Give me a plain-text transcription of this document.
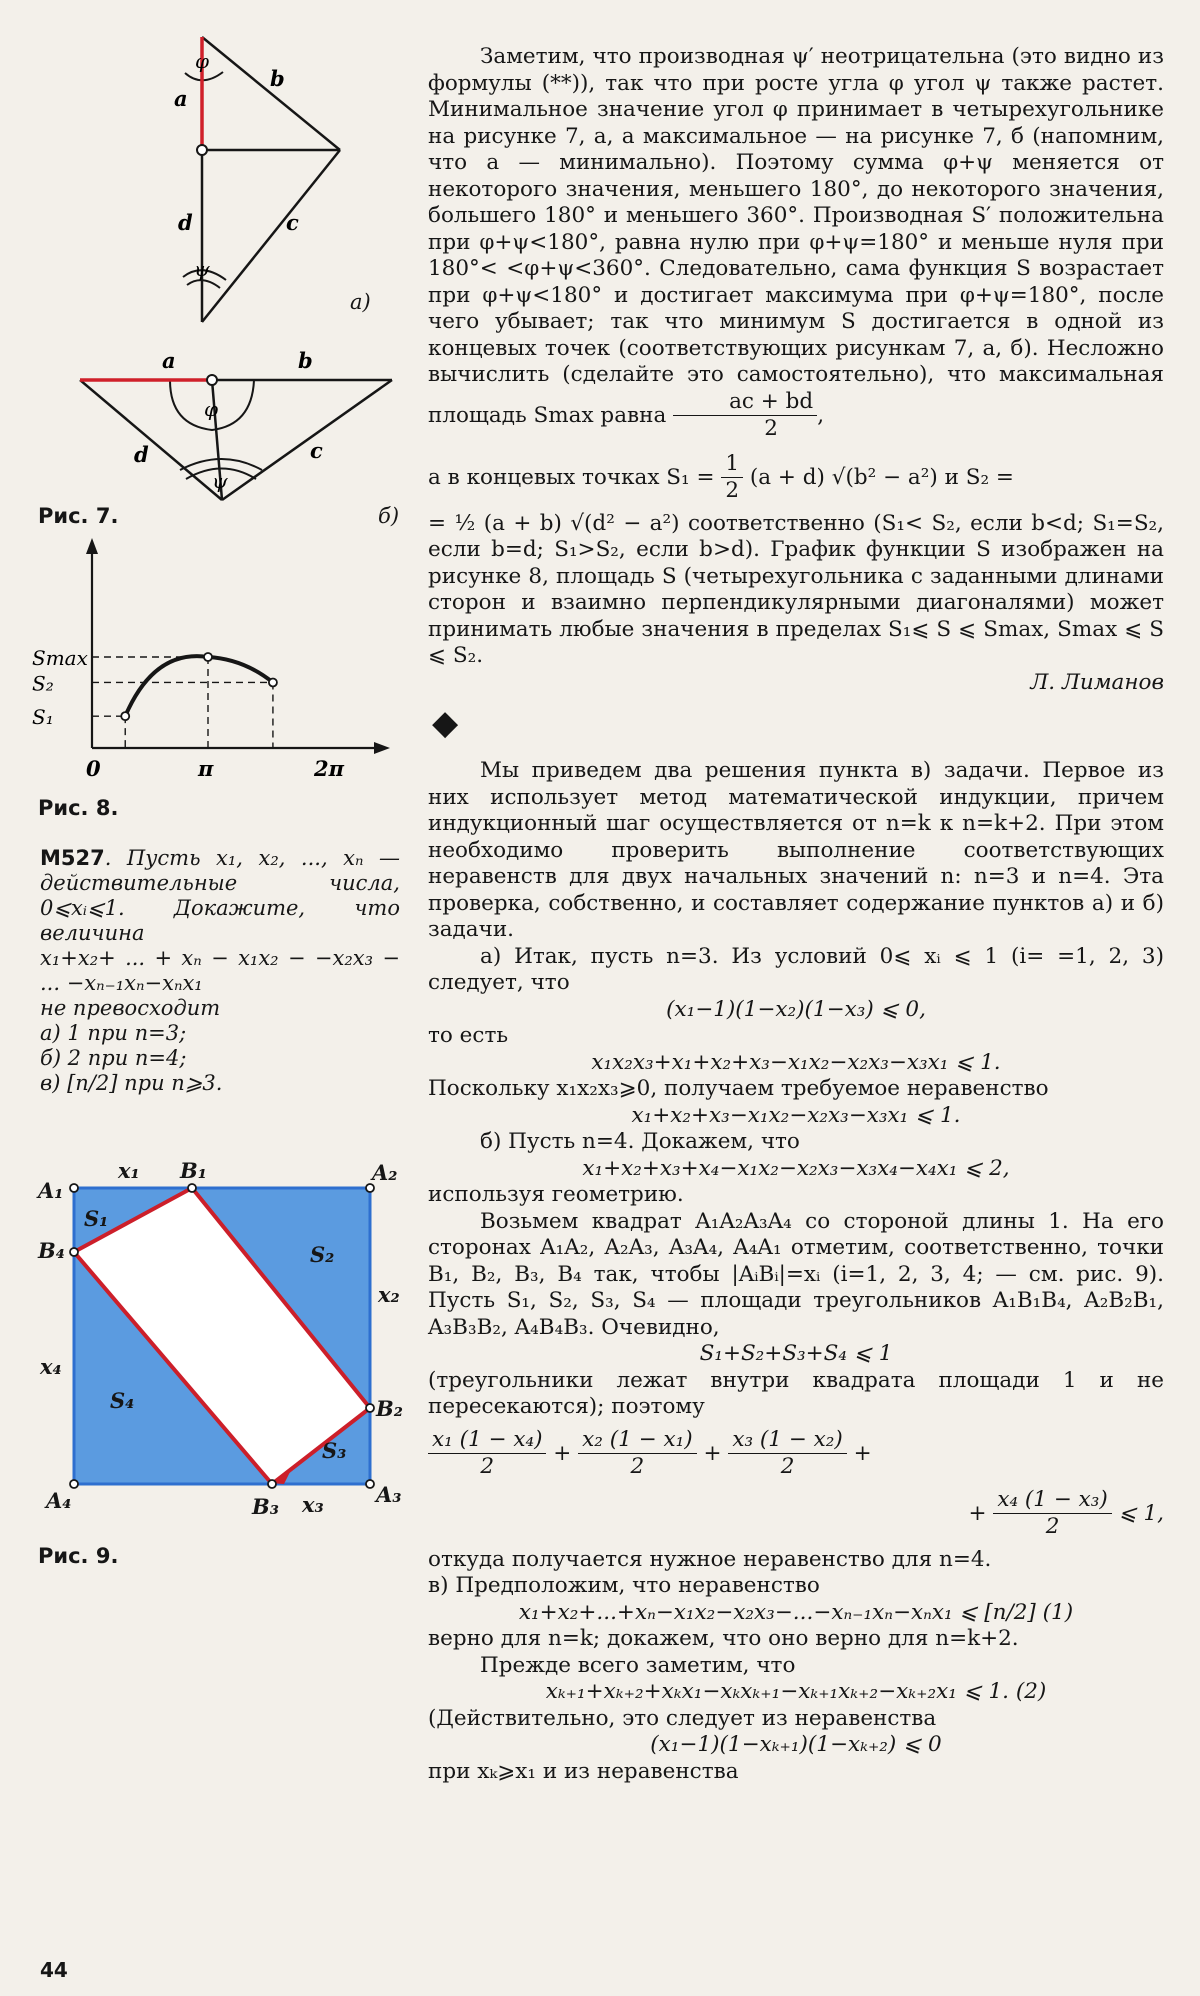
φ
a
b
d	c
ψ
a	b
φ
d	c
ψ
а)
Рис. 7.	б)
0	π	2π
S₁
S₂
Smax
Рис. 8.
М527. Пусть x₁, x₂, ..., xₙ — действительные числа, 0⩽xᵢ⩽1. Докажите, что величина
x₁+x₂+ ... + xₙ − x₁x₂ − −x₂x₃ − ... −xₙ₋₁xₙ−xₙx₁
не превосходит
а) 1 при n=3;
б) 2 при n=4;
в) [n/2] при n⩾3.
A₁
A₂
A₃
A₄
B₁
B₂
B₃
B₄
x₁
x₂
x₃
x₄
S₁
S₂
S₃
S₄
Рис. 9.

Заметим, что производная ψ′ неотрицательна (это видно из формулы (**)), так что при росте угла φ угол ψ также растет. Минимальное значение угол φ принимает в четырехугольнике на рисунке 7, а, а максимальное — на рисунке 7, б (напомним, что a — минимально). Поэтому сумма φ+ψ меняется от некоторого значения, меньшего 180°, до некоторого значения, большего 180° и меньшего 360°. Производная S′ положительна при φ+ψ<180°, равна нулю при φ+ψ=180° и меньше нуля при 180°< <φ+ψ<360°. Следовательно, сама функция S возрастает при φ+ψ<180° и достигает максимума при φ+ψ=180°, после чего убывает; так что минимум S достигается в одной из концевых точек (соответствующих рисункам 7, а, б). Несложно вычислить (сделайте это самостоятельно), что максимальная площадь Smax равна $\frac{ac + bd}{2}$ ,

а в концевых точках $S_1 = \frac{1}{2} (a + d) √(b^2 - a^2)$ и S₂ =

= ½ (a + b) √(d² − a²) соответственно (S₁< S₂, если b<d; S₁=S₂, если b=d; S₁>S₂, если b>d). График функции S изображен на рисунке 8, площадь S (четырехугольника с заданными длинами сторон и взаимно перпендикулярными диагоналями) может принимать любые значения в пределах S₁⩽ S ⩽ Smax, Smax ⩽ S ⩽ S₂.

Л. Лиманов

◆

Мы приведем два решения пункта в) задачи. Первое из них использует метод математической индукции, причем индукционный шаг осуществляется от n=k к n=k+2. При этом необходимо проверить выполнение соответствующих неравенств для двух начальных значений n: n=3 и n=4. Эта проверка, собственно, и составляет содержание пунктов а) и б) задачи.

а) Итак, пусть n=3. Из условий 0⩽ xᵢ ⩽ 1 (i= =1, 2, 3) следует, что

(x₁−1)(1−x₂)(1−x₃) ⩽ 0,

то есть

x₁x₂x₃+x₁+x₂+x₃−x₁x₂−x₂x₃−x₃x₁ ⩽ 1.

Поскольку x₁x₂x₃⩾0, получаем требуемое неравенство

x₁+x₂+x₃−x₁x₂−x₂x₃−x₃x₁ ⩽ 1.

б) Пусть n=4. Докажем, что

x₁+x₂+x₃+x₄−x₁x₂−x₂x₃−x₃x₄−x₄x₁ ⩽ 2,

используя геометрию.

Возьмем квадрат A₁A₂A₃A₄ со стороной длины 1. На его сторонах A₁A₂, A₂A₃, A₃A₄, A₄A₁ отметим, соответственно, точки B₁, B₂, B₃, B₄ так, чтобы |AᵢBᵢ|=xᵢ (i=1, 2, 3, 4; — см. рис. 9). Пусть S₁, S₂, S₃, S₄ — площади треугольников A₁B₁B₄, A₂B₂B₁, A₃B₃B₂, A₄B₄B₃. Очевидно,

S₁+S₂+S₃+S₄ ⩽ 1

(треугольники лежат внутри квадрата площади 1 и не пересекаются); поэтому

$\frac{\text{x₁ (1 − x₄)}}{2} + \frac{\text{x₂ (1 − x₁)}}{2} + \frac{\text{x₃ (1 − x₂)}}{2}$ +
+ $\frac{\text{x₄ (1 − x₃)}}{2}$ ⩽ 1,

откуда получается нужное неравенство для n=4.

в) Предположим, что неравенство

x₁+x₂+...+xₙ−x₁x₂−x₂x₃−...−xₙ₋₁xₙ−xₙx₁ ⩽ [n/2] (1)

верно для n=k; докажем, что оно верно для n=k+2.

Прежде всего заметим, что

xₖ₊₁+xₖ₊₂+xₖx₁−xₖxₖ₊₁−xₖ₊₁xₖ₊₂−xₖ₊₂x₁ ⩽ 1. (2)

(Действительно, это следует из неравенства

(x₁−1)(1−xₖ₊₁)(1−xₖ₊₂) ⩽ 0

при xₖ⩾x₁ и из неравенства

44
